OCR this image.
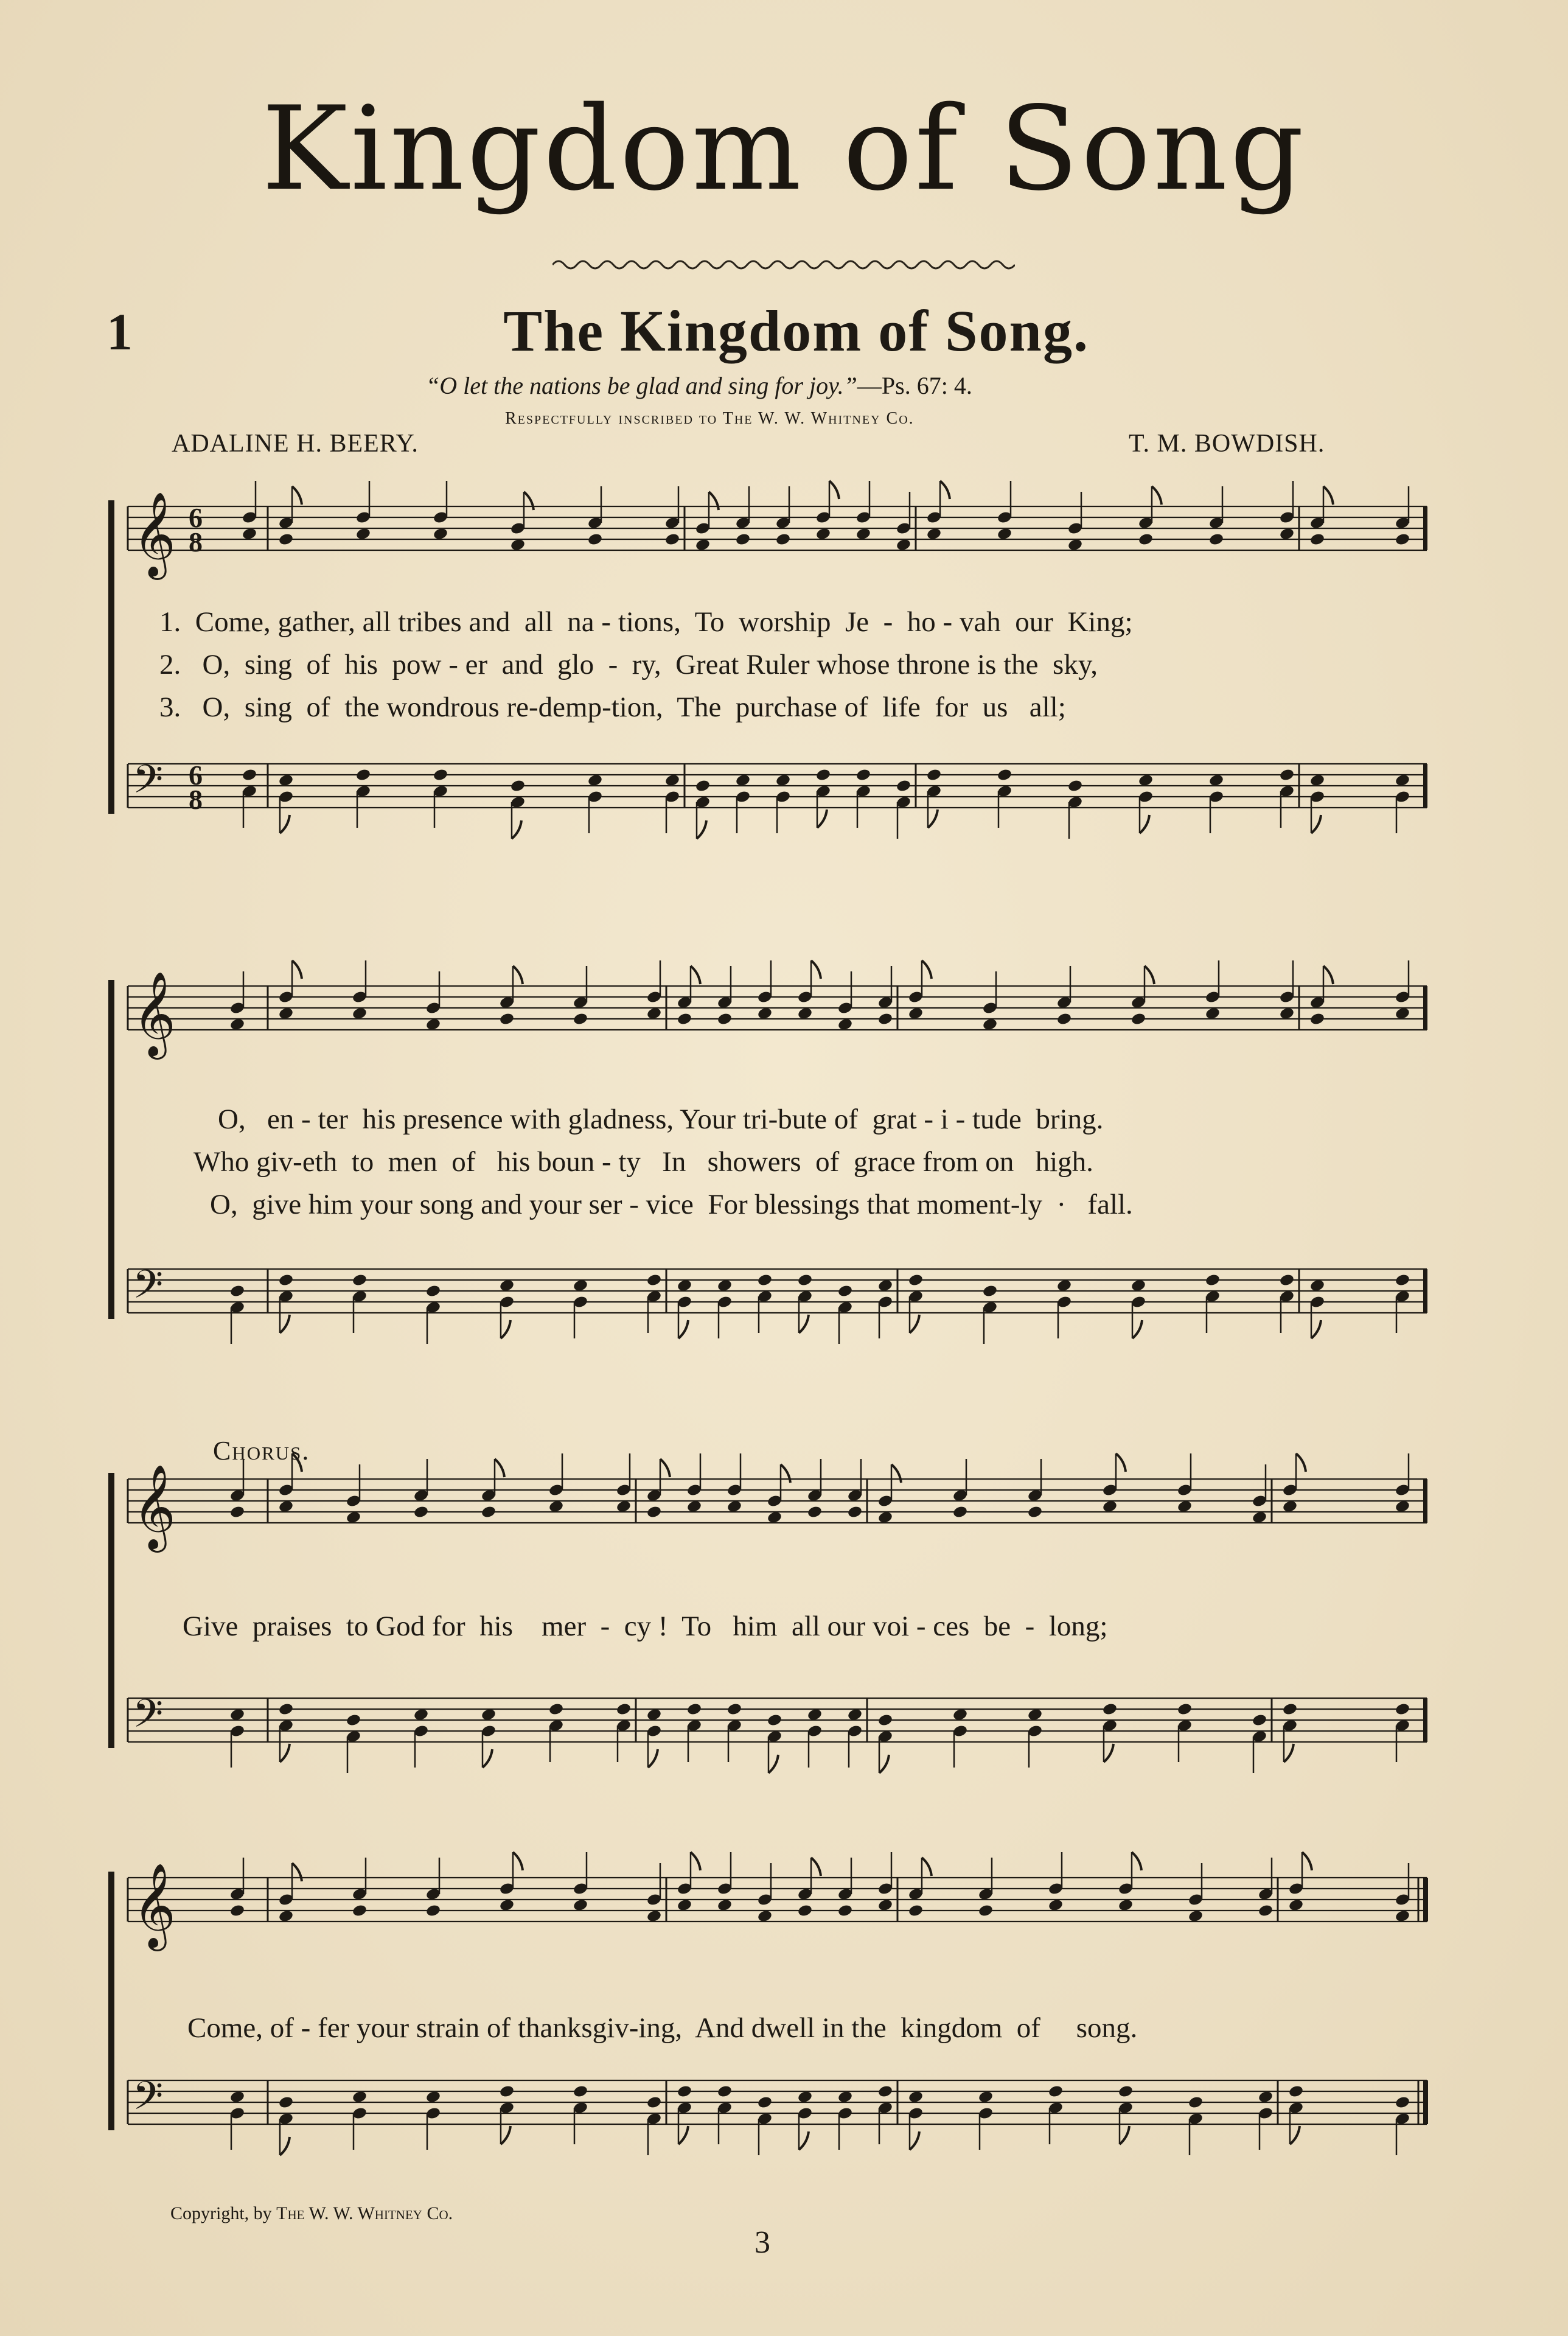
Kingdom of Song
1	The Kingdom of Song.
“O let the nations be glad and sing for joy.”—Ps. 67: 4.
Respectfully inscribed to The W. W. Whitney Co.
ADALINE H. BEERY.	T. M. BOWDISH.
𝄞 6
8
𝄢 6
8
𝄞
𝄢
𝄞
𝄢
𝄞
𝄢
1.  Come, gather, all tribes and  all  na - tions,  To  worship  Je  -  ho - vah  our  King;
2.   O,  sing  of  his  pow - er  and  glo  -  ry,  Great Ruler whose throne is the  sky,
3.   O,  sing  of  the wondrous re-demp-tion,  The  purchase of  life  for  us   all;
O,   en - ter  his presence with gladness, Your tri-bute of  grat - i - tude  bring.
Who giv-eth  to  men  of   his boun - ty   In   showers  of  grace from on   high.
O,  give him your song and your ser - vice  For blessings that moment-ly  ·   fall.
Chorus.
Give  praises  to God for  his    mer  -  cy !  To   him  all our voi - ces  be  -  long;
Come, of - fer your strain of thanksgiv-ing,  And dwell in the  kingdom  of     song.
Copyright, by The W. W. Whitney Co.
3
